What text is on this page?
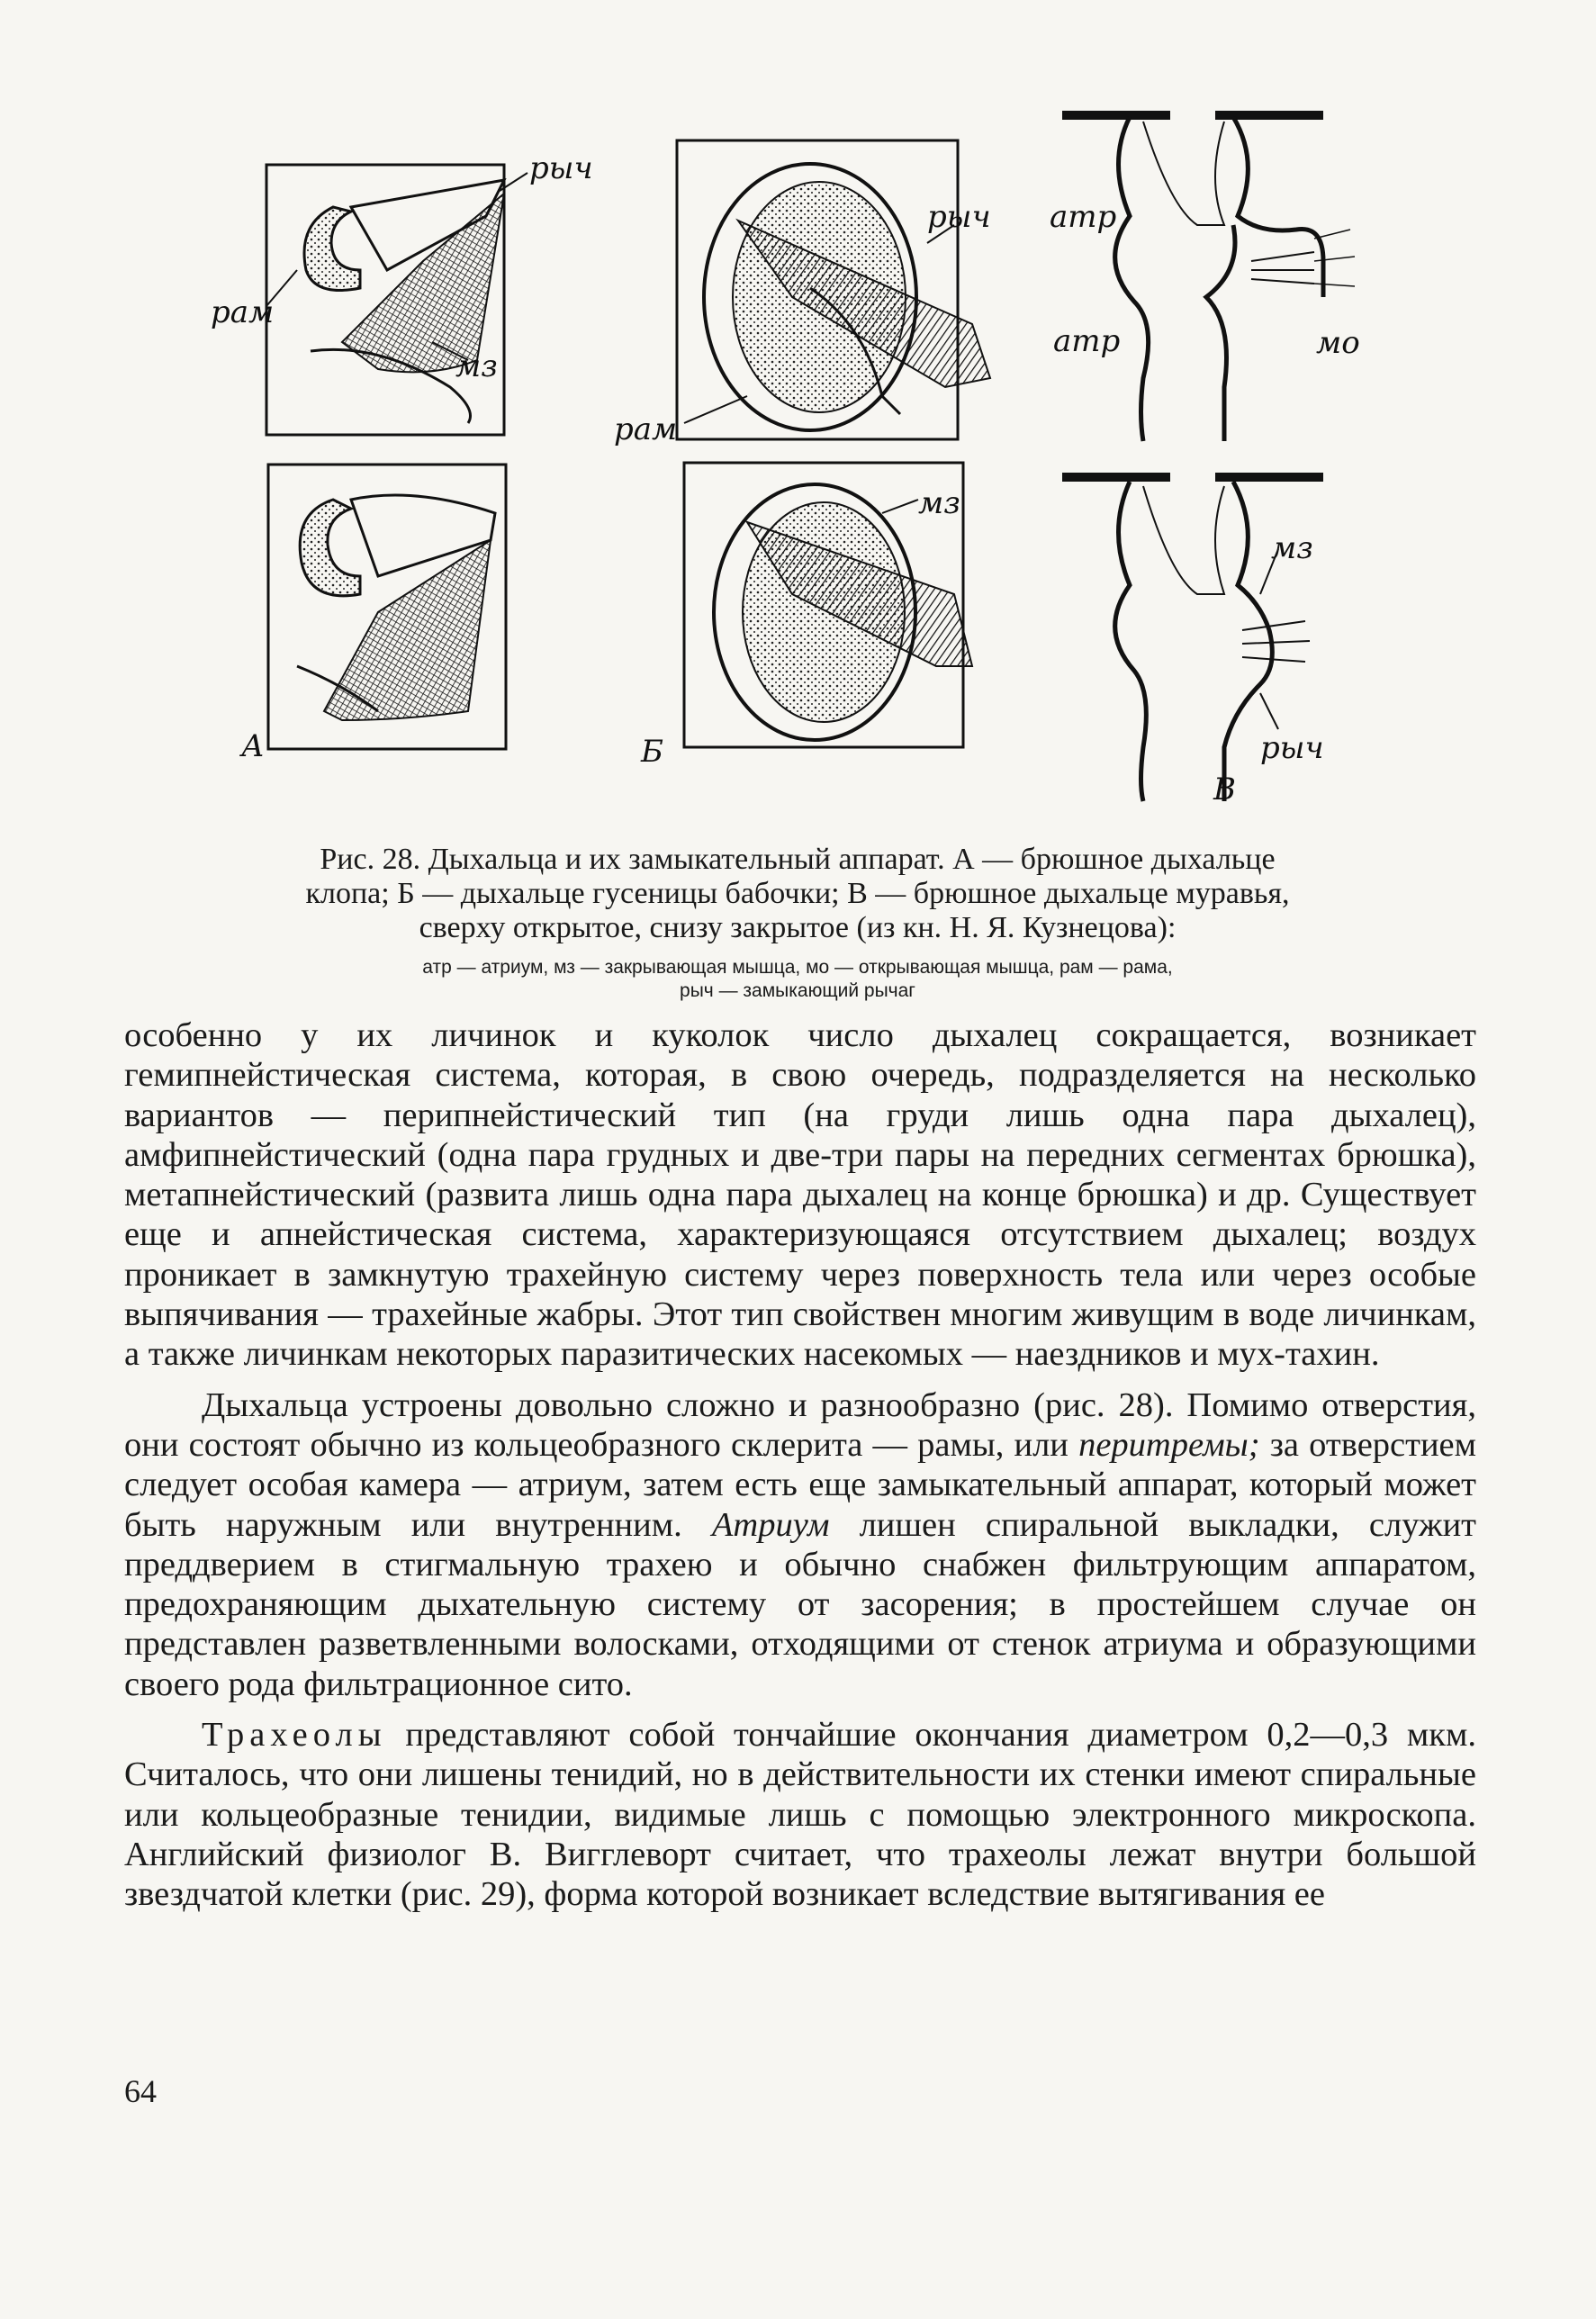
рыч
рам
мз
А
рыч
рам
мз
Б
атр
атр	мо
мз
рыч
В
Рис. 28. Дыхальца и их замыкательный аппарат. А — брюшное дыхальце
клопа; Б — дыхальце гусеницы бабочки; В — брюшное дыхальце муравья,
сверху открытое, снизу закрытое (из кн. Н. Я. Кузнецова):
атр — атриум, мз — закрывающая мышца, мо — открывающая мышца, рам — рама,
рыч — замыкающий рычаг

особенно у их личинок и куколок число дыхалец сокращается, возникает гемипнейстическая система, которая, в свою очередь, подразделяется на несколько вариантов — перипнейстический тип (на груди лишь одна пара дыхалец), амфипнейстический (одна пара грудных и две-три пары на передних сегментах брюшка), метапнейстический (развита лишь одна пара дыхалец на конце брюшка) и др. Существует еще и апнейстическая система, характеризующаяся отсутствием дыхалец; воздух проникает в замкнутую трахейную систему через поверхность тела или через особые выпячивания — трахейные жабры. Этот тип свойствен многим живущим в воде личинкам, а также личинкам некоторых паразитических насекомых — наездников и мух-тахин.

Дыхальца устроены довольно сложно и разнообразно (рис. 28). Помимо отверстия, они состоят обычно из кольцеобразного склерита — рамы, или перитремы; за отверстием следует особая камера — атриум, затем есть еще замыкательный аппарат, который может быть наружным или внутренним. Атриум лишен спиральной выкладки, служит преддверием в стигмальную трахею и обычно снабжен фильтрующим аппаратом, предохраняющим дыхательную систему от засорения; в простейшем случае он представлен разветвленными волосками, отходящими от стенок атриума и образующими своего рода фильтрационное сито.

Трахеолы представляют собой тончайшие окончания диаметром 0,2—0,3 мкм. Считалось, что они лишены тенидий, но в действительности их стенки имеют спиральные или кольцеобразные тенидии, видимые лишь с помощью электронного микроскопа. Английский физиолог В. Вигглеворт считает, что трахеолы лежат внутри большой звездчатой клетки (рис. 29), форма которой возникает вследствие вытягивания ее

64
